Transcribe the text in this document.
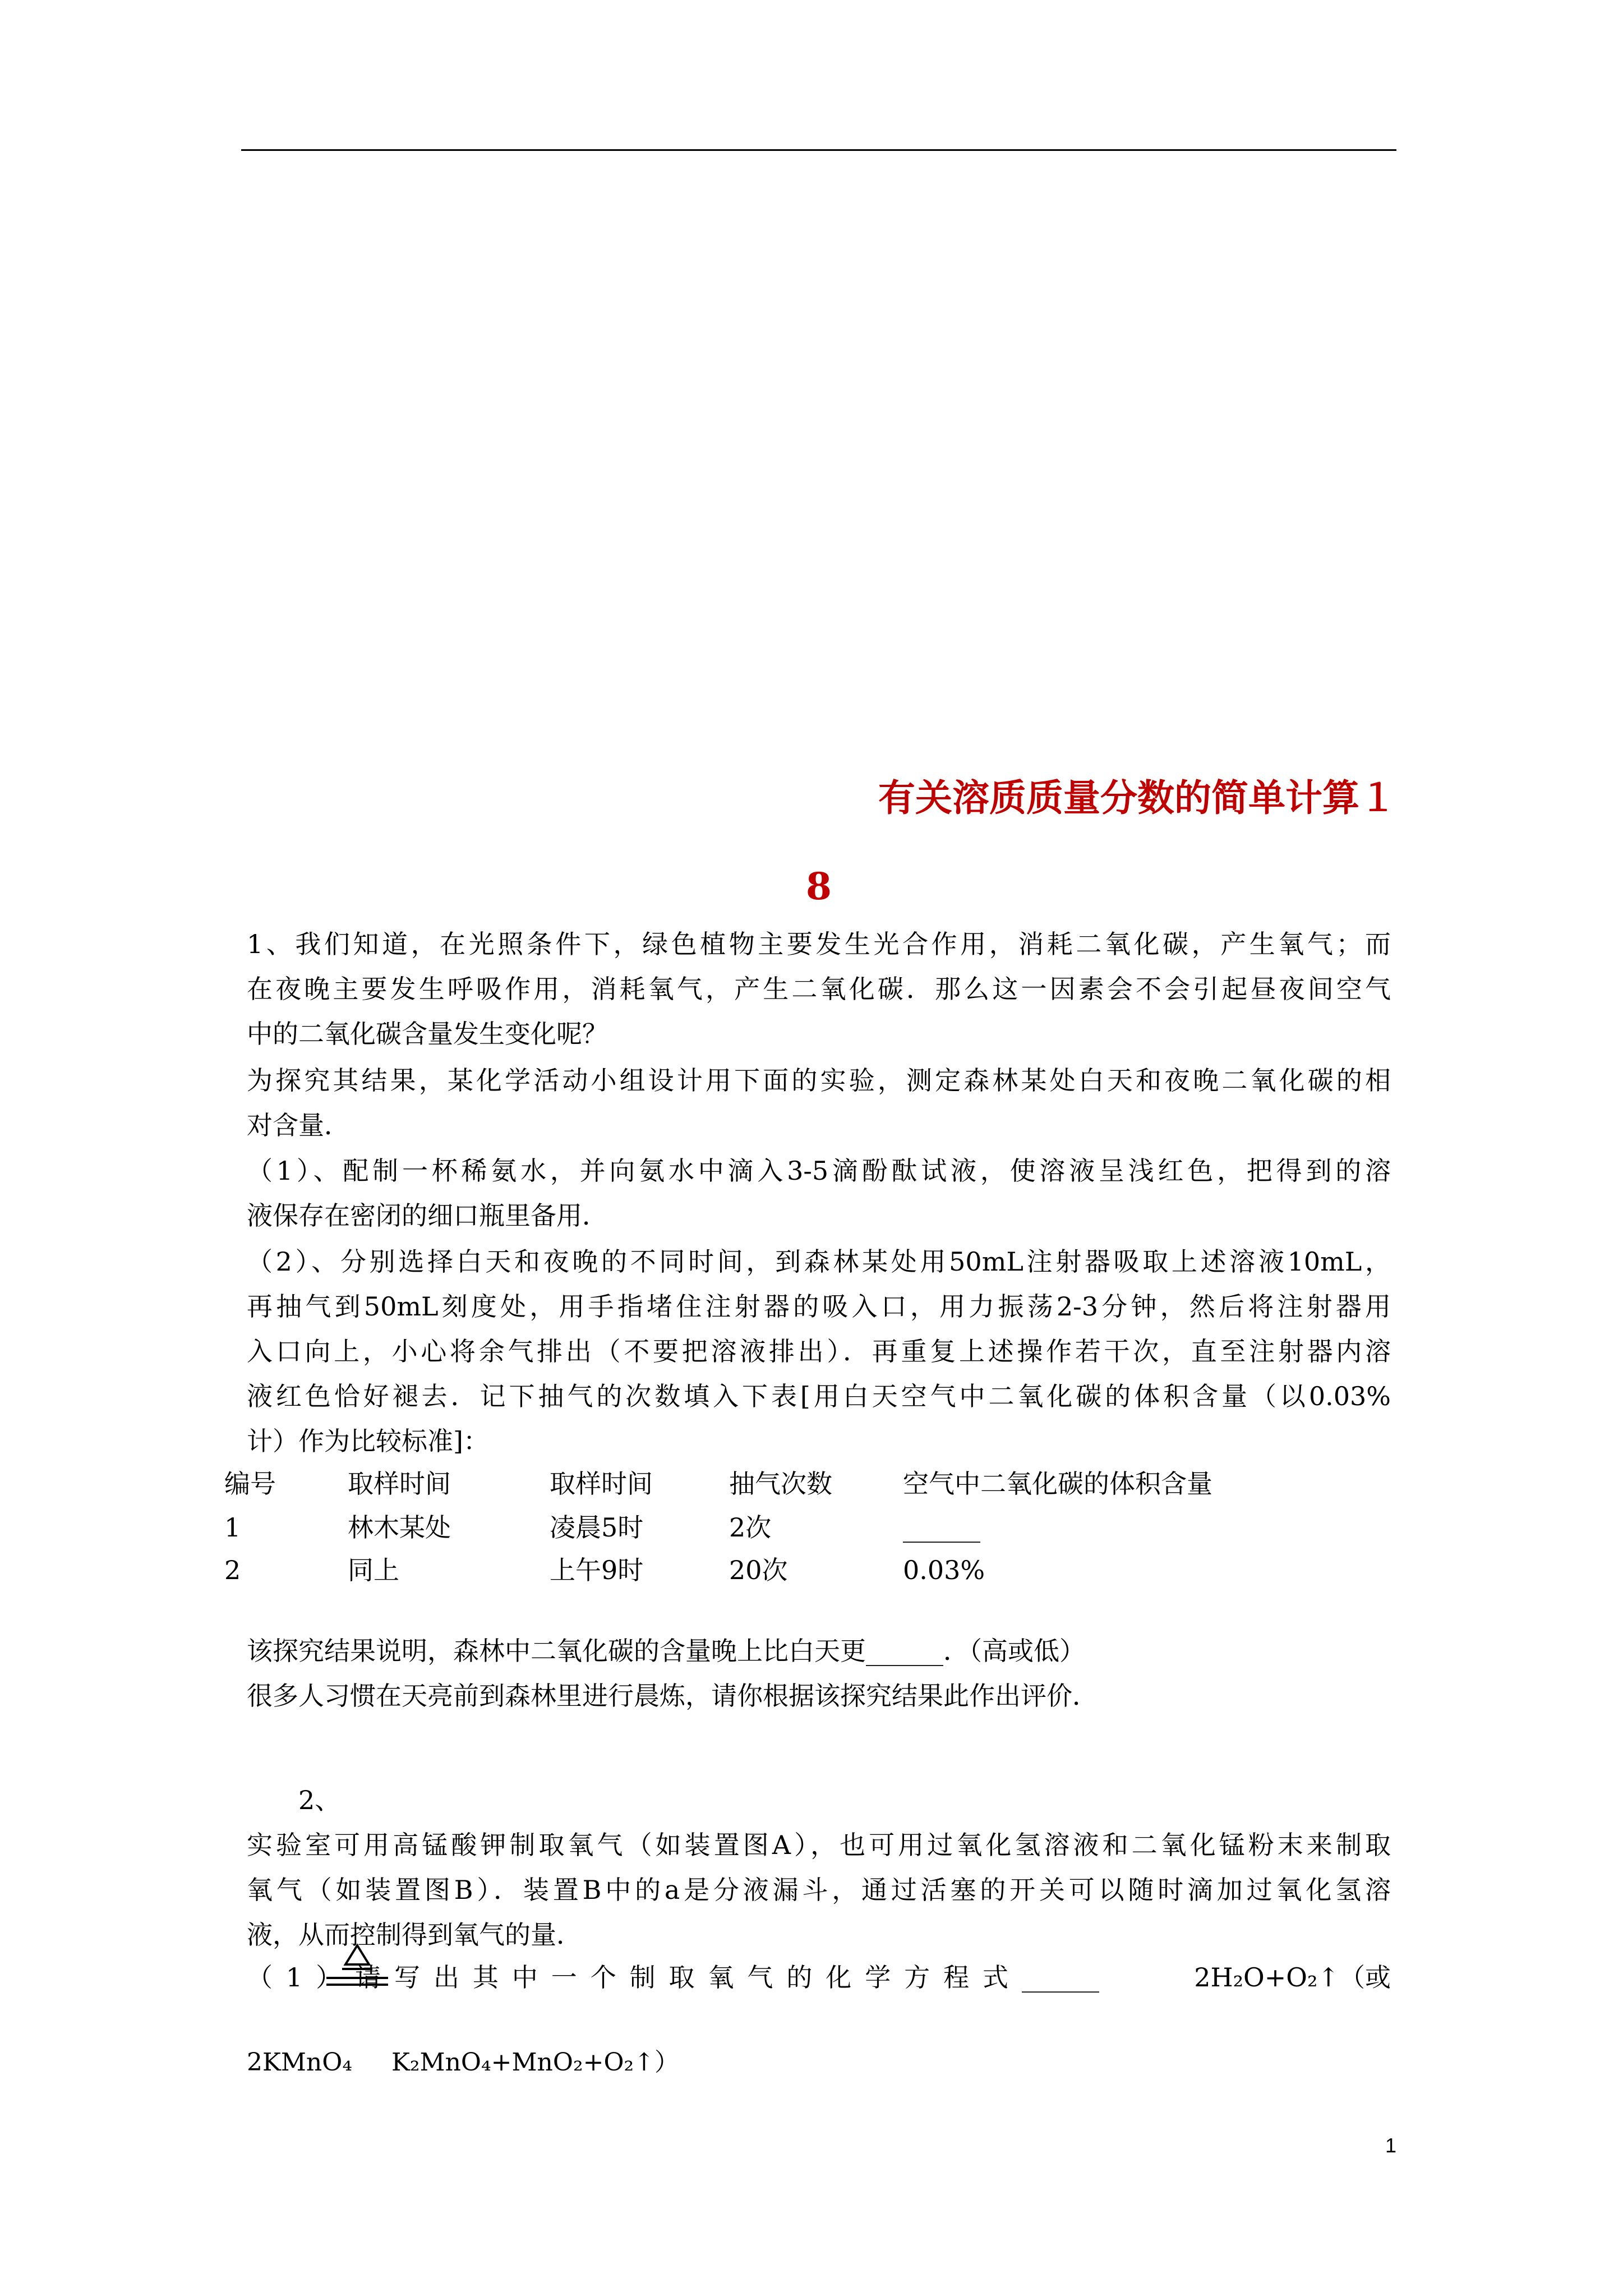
有关溶质质量分数的简单计算１
8
1、我们知道，在光照条件下，绿色植物主要发生光合作用，消耗二氧化碳，产生氧气；而
在夜晚主要发生呼吸作用，消耗氧气，产生二氧化碳．那么这一因素会不会引起昼夜间空气
中的二氧化碳含量发生变化呢？
为探究其结果，某化学活动小组设计用下面的实验，测定森林某处白天和夜晚二氧化碳的相
对含量．
（1）、配制一杯稀氨水，并向氨水中滴入3-5滴酚酞试液，使溶液呈浅红色，把得到的溶
液保存在密闭的细口瓶里备用．
（2）、分别选择白天和夜晚的不同时间，到森林某处用50mL注射器吸取上述溶液10mL，
再抽气到50mL刻度处，用手指堵住注射器的吸入口，用力振荡2-3分钟，然后将注射器用
入口向上，小心将余气排出（不要把溶液排出）．再重复上述操作若干次，直至注射器内溶
液红色恰好褪去．记下抽气的次数填入下表[用白天空气中二氧化碳的体积含量（以0.03%
计）作为比较标准]：
编号	取样时间	取样时间	抽气次数	空气中二氧化碳的体积含量
1	林木某处	凌晨5时	2次	______
2	同上	上午9时	20次	0.03%
该探究结果说明，森林中二氧化碳的含量晚上比白天更______．（高或低）
很多人习惯在天亮前到森林里进行晨炼，请你根据该探究结果此作出评价．
2、
实验室可用高锰酸钾制取氧气（如装置图A），也可用过氧化氢溶液和二氧化锰粉末来制取
氧气（如装置图B）．装置B中的a是分液漏斗，通过活塞的开关可以随时滴加过氧化氢溶
液，从而控制得到氧气的量．
（1）请写出其中一个制取氧气的化学方程式______	2H₂O+O₂↑（或
2KMnO₄ K₂MnO₄+MnO₂+O₂↑）
1
